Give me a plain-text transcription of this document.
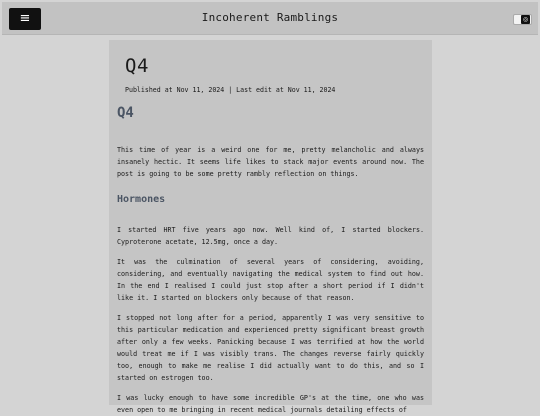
≡	Incoherent Ramblings	◎
Q4
Published at Nov 11, 2024 | Last edit at Nov 11, 2024
Q4

This time of year is a weird one for me, pretty melancholic and always insanely hectic. It seems life likes to stack major events around now. The post is going to be some pretty rambly reflection on things.

Hormones

I started HRT five years ago now. Well kind of, I started blockers. Cyproterone acetate, 12.5mg, once a day.

It was the culmination of several years of considering, avoiding, considering, and eventually navigating the medical system to find out how. In the end I realised I could just stop after a short period if I didn't like it. I started on blockers only because of that reason.

I stopped not long after for a period, apparently I was very sensitive to this particular medication and experienced pretty significant breast growth after only a few weeks. Panicking because I was terrified at how the world would treat me if I was visibly trans. The changes reverse fairly quickly too, enough to make me realise I did actually want to do this, and so I started on estrogen too.

I was lucky enough to have some incredible GP's at the time, one who was even open to me bringing in recent medical journals detailing effects of
